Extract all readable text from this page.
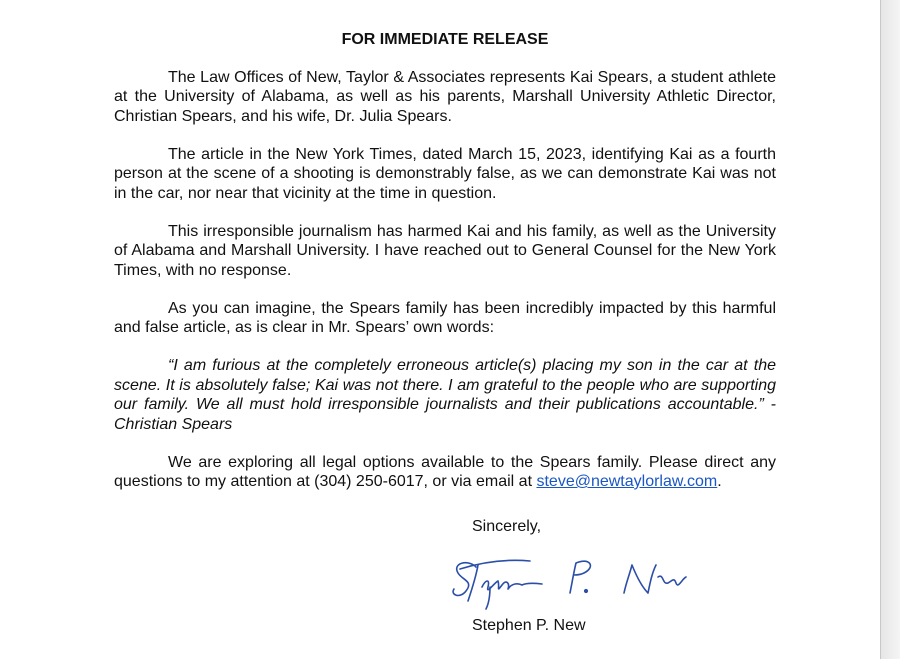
FOR IMMEDIATE RELEASE

The Law Offices of New, Taylor & Associates represents Kai Spears, a student athlete at the University of Alabama, as well as his parents, Marshall University Athletic Director, Christian Spears, and his wife, Dr. Julia Spears.

The article in the New York Times, dated March 15, 2023, identifying Kai as a fourth person at the scene of a shooting is demonstrably false, as we can demonstrate Kai was not in the car, nor near that vicinity at the time in question.

This irresponsible journalism has harmed Kai and his family, as well as the University of Alabama and Marshall University. I have reached out to General Counsel for the New York Times, with no response.

As you can imagine, the Spears family has been incredibly impacted by this harmful and false article, as is clear in Mr. Spears’ own words:

“I am furious at the completely erroneous article(s) placing my son in the car at the scene. It is absolutely false; Kai was not there. I am grateful to the people who are supporting our family. We all must hold irresponsible journalists and their publications accountable.” -Christian Spears

We are exploring all legal options available to the Spears family. Please direct any questions to my attention at (304) 250-6017, or via email at steve@newtaylorlaw.com.

Sincerely,
Stephen P. New
